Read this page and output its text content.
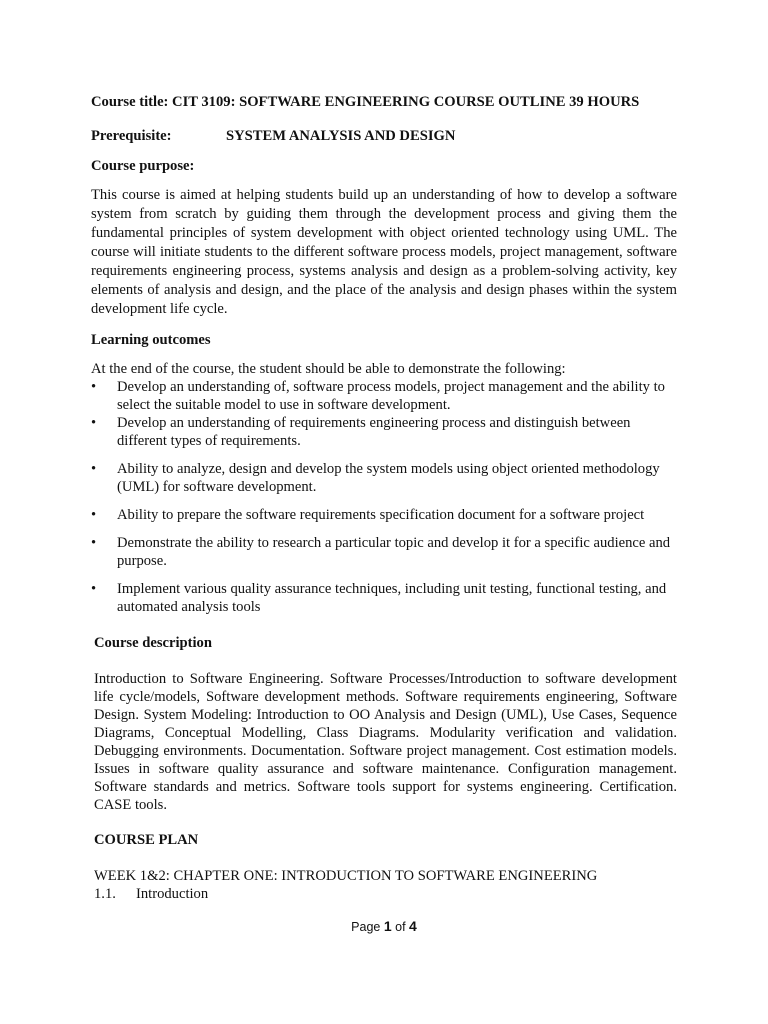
Course title: CIT 3109: SOFTWARE ENGINEERING COURSE OUTLINE 39 HOURS

Prerequisite:	SYSTEM ANALYSIS AND DESIGN

Course purpose:

This course is aimed at helping students build up an understanding of how to develop a software system from scratch by guiding them through the development process and giving them the fundamental principles of system development with object oriented technology using UML. The course will initiate students to the different software process models, project management, software requirements engineering process, systems analysis and design as a problem-solving activity, key elements of analysis and design, and the place of the analysis and design phases within the system development life cycle.

Learning outcomes

At the end of the course, the student should be able to demonstrate the following:

•	Develop an understanding of, software process models, project management and the ability to select the suitable model to use in software development.
•	Develop an understanding of requirements engineering process and distinguish between different types of requirements.
•	Ability to analyze, design and develop the system models using object oriented methodology (UML) for software development.
•	Ability to prepare the software requirements specification document for a software project
•	Demonstrate the ability to research a particular topic and develop it for a specific audience and purpose.
•	Implement various quality assurance techniques, including unit testing, functional testing, and automated analysis tools

Course description

Introduction to Software Engineering. Software Processes/Introduction to software development life cycle/models, Software development methods. Software requirements engineering, Software Design. System Modeling: Introduction to OO Analysis and Design (UML), Use Cases, Sequence Diagrams, Conceptual Modelling, Class Diagrams. Modularity verification and validation. Debugging environments. Documentation. Software project management. Cost estimation models. Issues in software quality assurance and software maintenance. Configuration management. Software standards and metrics. Software tools support for systems engineering. Certification. CASE tools.

COURSE PLAN

WEEK 1&2: CHAPTER ONE: INTRODUCTION TO SOFTWARE ENGINEERING

1.1. Introduction
Page 1 of 4
